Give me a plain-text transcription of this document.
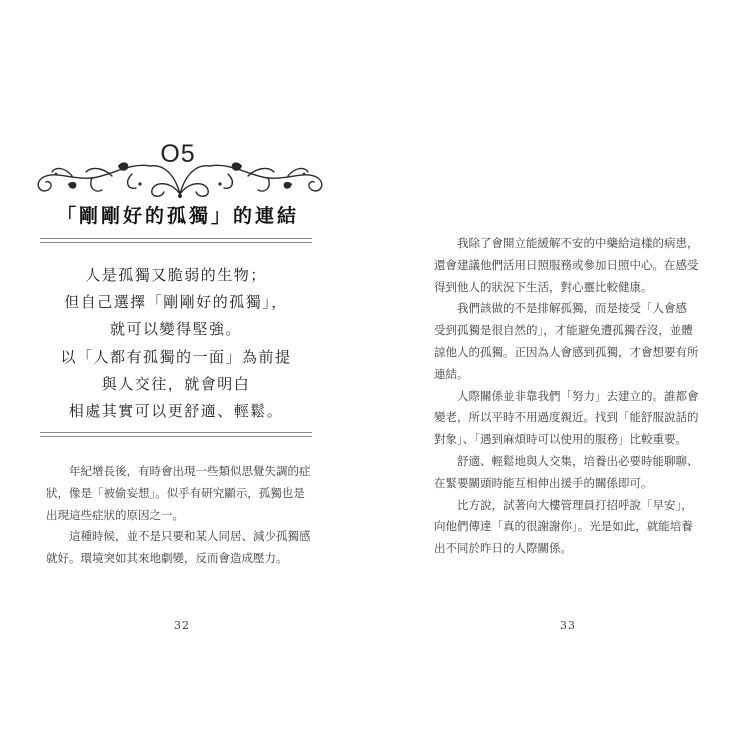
O5
「剛剛好的孤獨」的連結
人是孤獨又脆弱的生物；
但自己選擇「剛剛好的孤獨」，
就可以變得堅強。
以「人都有孤獨的一面」為前提
與人交往，就會明白
相處其實可以更舒適、輕鬆。
　　年紀增長後，有時會出現一些類似思覺失調的症
狀，像是「被偷妄想」。似乎有研究顯示，孤獨也是
出現這些症狀的原因之一。
　　這種時候，並不是只要和某人同居、減少孤獨感
就好。環境突如其來地劇變，反而會造成壓力。
32
　　我除了會開立能緩解不安的中藥給這樣的病患，
還會建議他們活用日照服務或參加日照中心。在感受
得到他人的狀況下生活，對心靈比較健康。
　　我們該做的不是排解孤獨，而是接受「人會感
受到孤獨是很自然的」，才能避免遭孤獨吞沒，並體
諒他人的孤獨。正因為人會感到孤獨，才會想要有所
連結。
　　人際關係並非靠我們「努力」去建立的。誰都會
變老，所以平時不用過度親近。找到「能舒服說話的
對象」、「遇到麻煩時可以使用的服務」比較重要。
　　舒適、輕鬆地與人交集，培養出必要時能聊聊、
在緊要關頭時能互相伸出援手的關係即可。
　　比方說，試著向大樓管理員打招呼說「早安」，
向他們傳達「真的很謝謝你」。光是如此，就能培養
出不同於昨日的人際關係。
33
